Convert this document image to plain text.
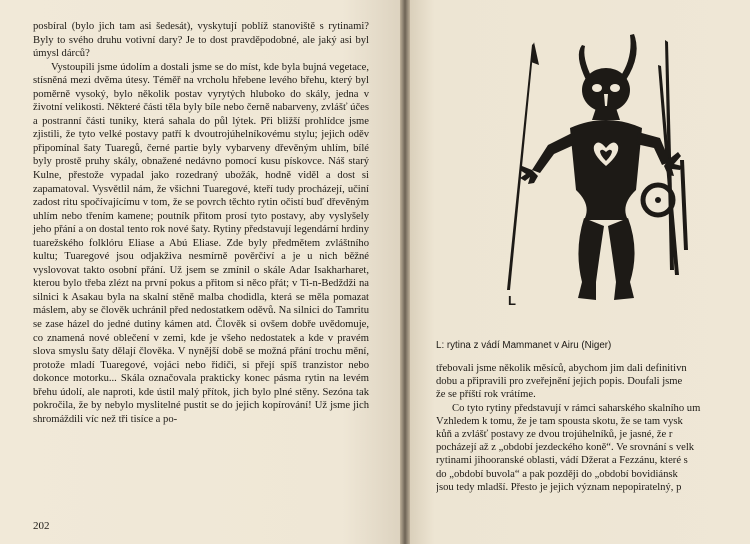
posbíral (bylo jich tam asi šedesát), vyskytují poblíž stanoviště s rytinami? Byly to svého druhu votivní dary? Je to dost pravděpodobné, ale jaký asi byl úmysl dárců?

Vystoupili jsme údolím a dostali jsme se do míst, kde byla bujná vegetace, stísněná mezi dvěma útesy. Téměř na vrcholu hřebene levého břehu, který byl poměrně vysoký, bylo několik postav vyrytých hluboko do skály, jedna v životní velikosti. Některé části těla byly bíle nebo černě nabarveny, zvlášť účes a postranní části tuniky, která sahala do půl lýtek. Při bližší prohlídce jsme zjistili, že tyto velké postavy patří k dvoutrojúhelníkovému stylu; jejich oděv připomínal šaty Tuaregů, černé partie byly vybarveny dřevěným uhlím, bílé byly prostě pruhy skály, obnažené nedávno pomocí kusu pískovce. Náš starý Kulne, přestože vypadal jako rozedraný ubožák, hodně viděl a dost si zapamatoval. Vysvětlil nám, že všichni Tuaregové, kteří tudy procházejí, učiní zadost ritu spočívajícímu v tom, že se povrch těchto rytin očistí buď dřevěným uhlím nebo třením kamene; poutník přitom prosí tyto postavy, aby vyslyšely jeho přání a on dostal tento rok nové šaty. Rytiny představují legendární hrdiny tuarežského folklóru Eliase a Abú Eliase. Zde byly předmětem zvláštního kultu; Tuaregové jsou odjakživa nesmírně pověrčiví a je u nich běžné vyslovovat takto osobní přání. Už jsem se zmínil o skále Adar Isakharharet, kterou bylo třeba zlézt na první pokus a přitom si něco přát; v Ti-n-Bedždži na silnici k Asakau byla na skalní stěně malba chodidla, která se měla pomazat máslem, aby se člověk uchránil před nedostatkem oděvů. Na silnici do Tamritu se zase házel do jedné dutiny kámen atd. Člověk si ovšem dobře uvědomuje, co znamená nové oblečení v zemi, kde je všeho nedostatek a kde v pravém slova smyslu šaty dělají člověka. V nynější době se možná přání trochu mění, protože mladí Tuaregové, vojáci nebo řidiči, si přejí spíš tranzistor nebo dokonce motorku... Skála označovala prakticky konec pásma rytin na levém břehu údolí, ale naproti, kde ústil malý přítok, jich bylo plné stěny. Sezóna tak pokročila, že by nebylo myslitelné pustit se do jejich kopírování! Už jsme jich shromáždili víc než tři tisíce a po-

202
L
L: rytina z vádí Mammanet v Airu (Niger)
třebovali jsme několik měsíců, abychom jim dali definitivn
dobu a připravili pro zveřejnění jejich popis. Doufali jsme
že se příští rok vrátíme.
Co tyto rytiny představují v rámci saharského skalního um
Vzhledem k tomu, že je tam spousta skotu, že se tam vysk
kůň a zvlášť postavy ze dvou trojúhelníků, je jasné, že r
pocházejí až z „období jezdeckého koně“. Ve srovnání s velk
rytinami jihooranské oblasti, vádí Džerat a Fezzánu, které s
do „období buvola“ a pak později do „období bovidiánsk
jsou tedy mladší. Přesto je jejich význam nepopiratelný, p
